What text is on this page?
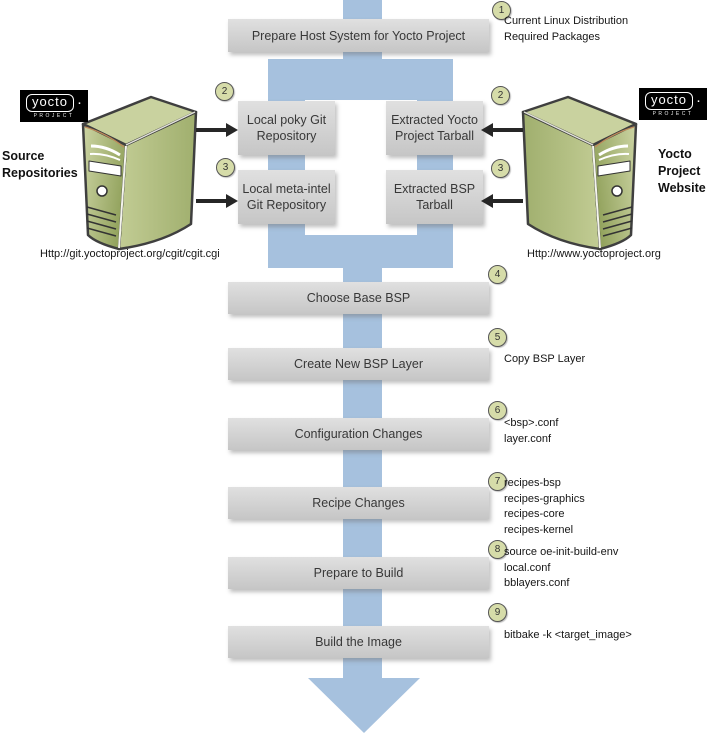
yocto ·
PROJECT
yocto ·
PROJECT
Source Repositories
Yocto Project Website
Http://git.yoctoproject.org/cgit/cgit.cgi	Http://www.yoctoproject.org
Prepare Host System for Yocto Project
Choose Base BSP
Create New BSP Layer
Configuration Changes
Recipe Changes
Prepare to Build
Build the Image
Local poky Git Repository
Local meta-intel Git Repository
Extracted Yocto Project Tarball
Extracted BSP Tarball
1
2
3
2
3
4
5
6
7
8
9
Current Linux Distribution
Required Packages
Copy BSP Layer
<bsp>.conf
layer.conf
recipes-bsp
recipes-graphics
recipes-core
recipes-kernel
source oe-init-build-env
local.conf
bblayers.conf
bitbake -k <target_image>
